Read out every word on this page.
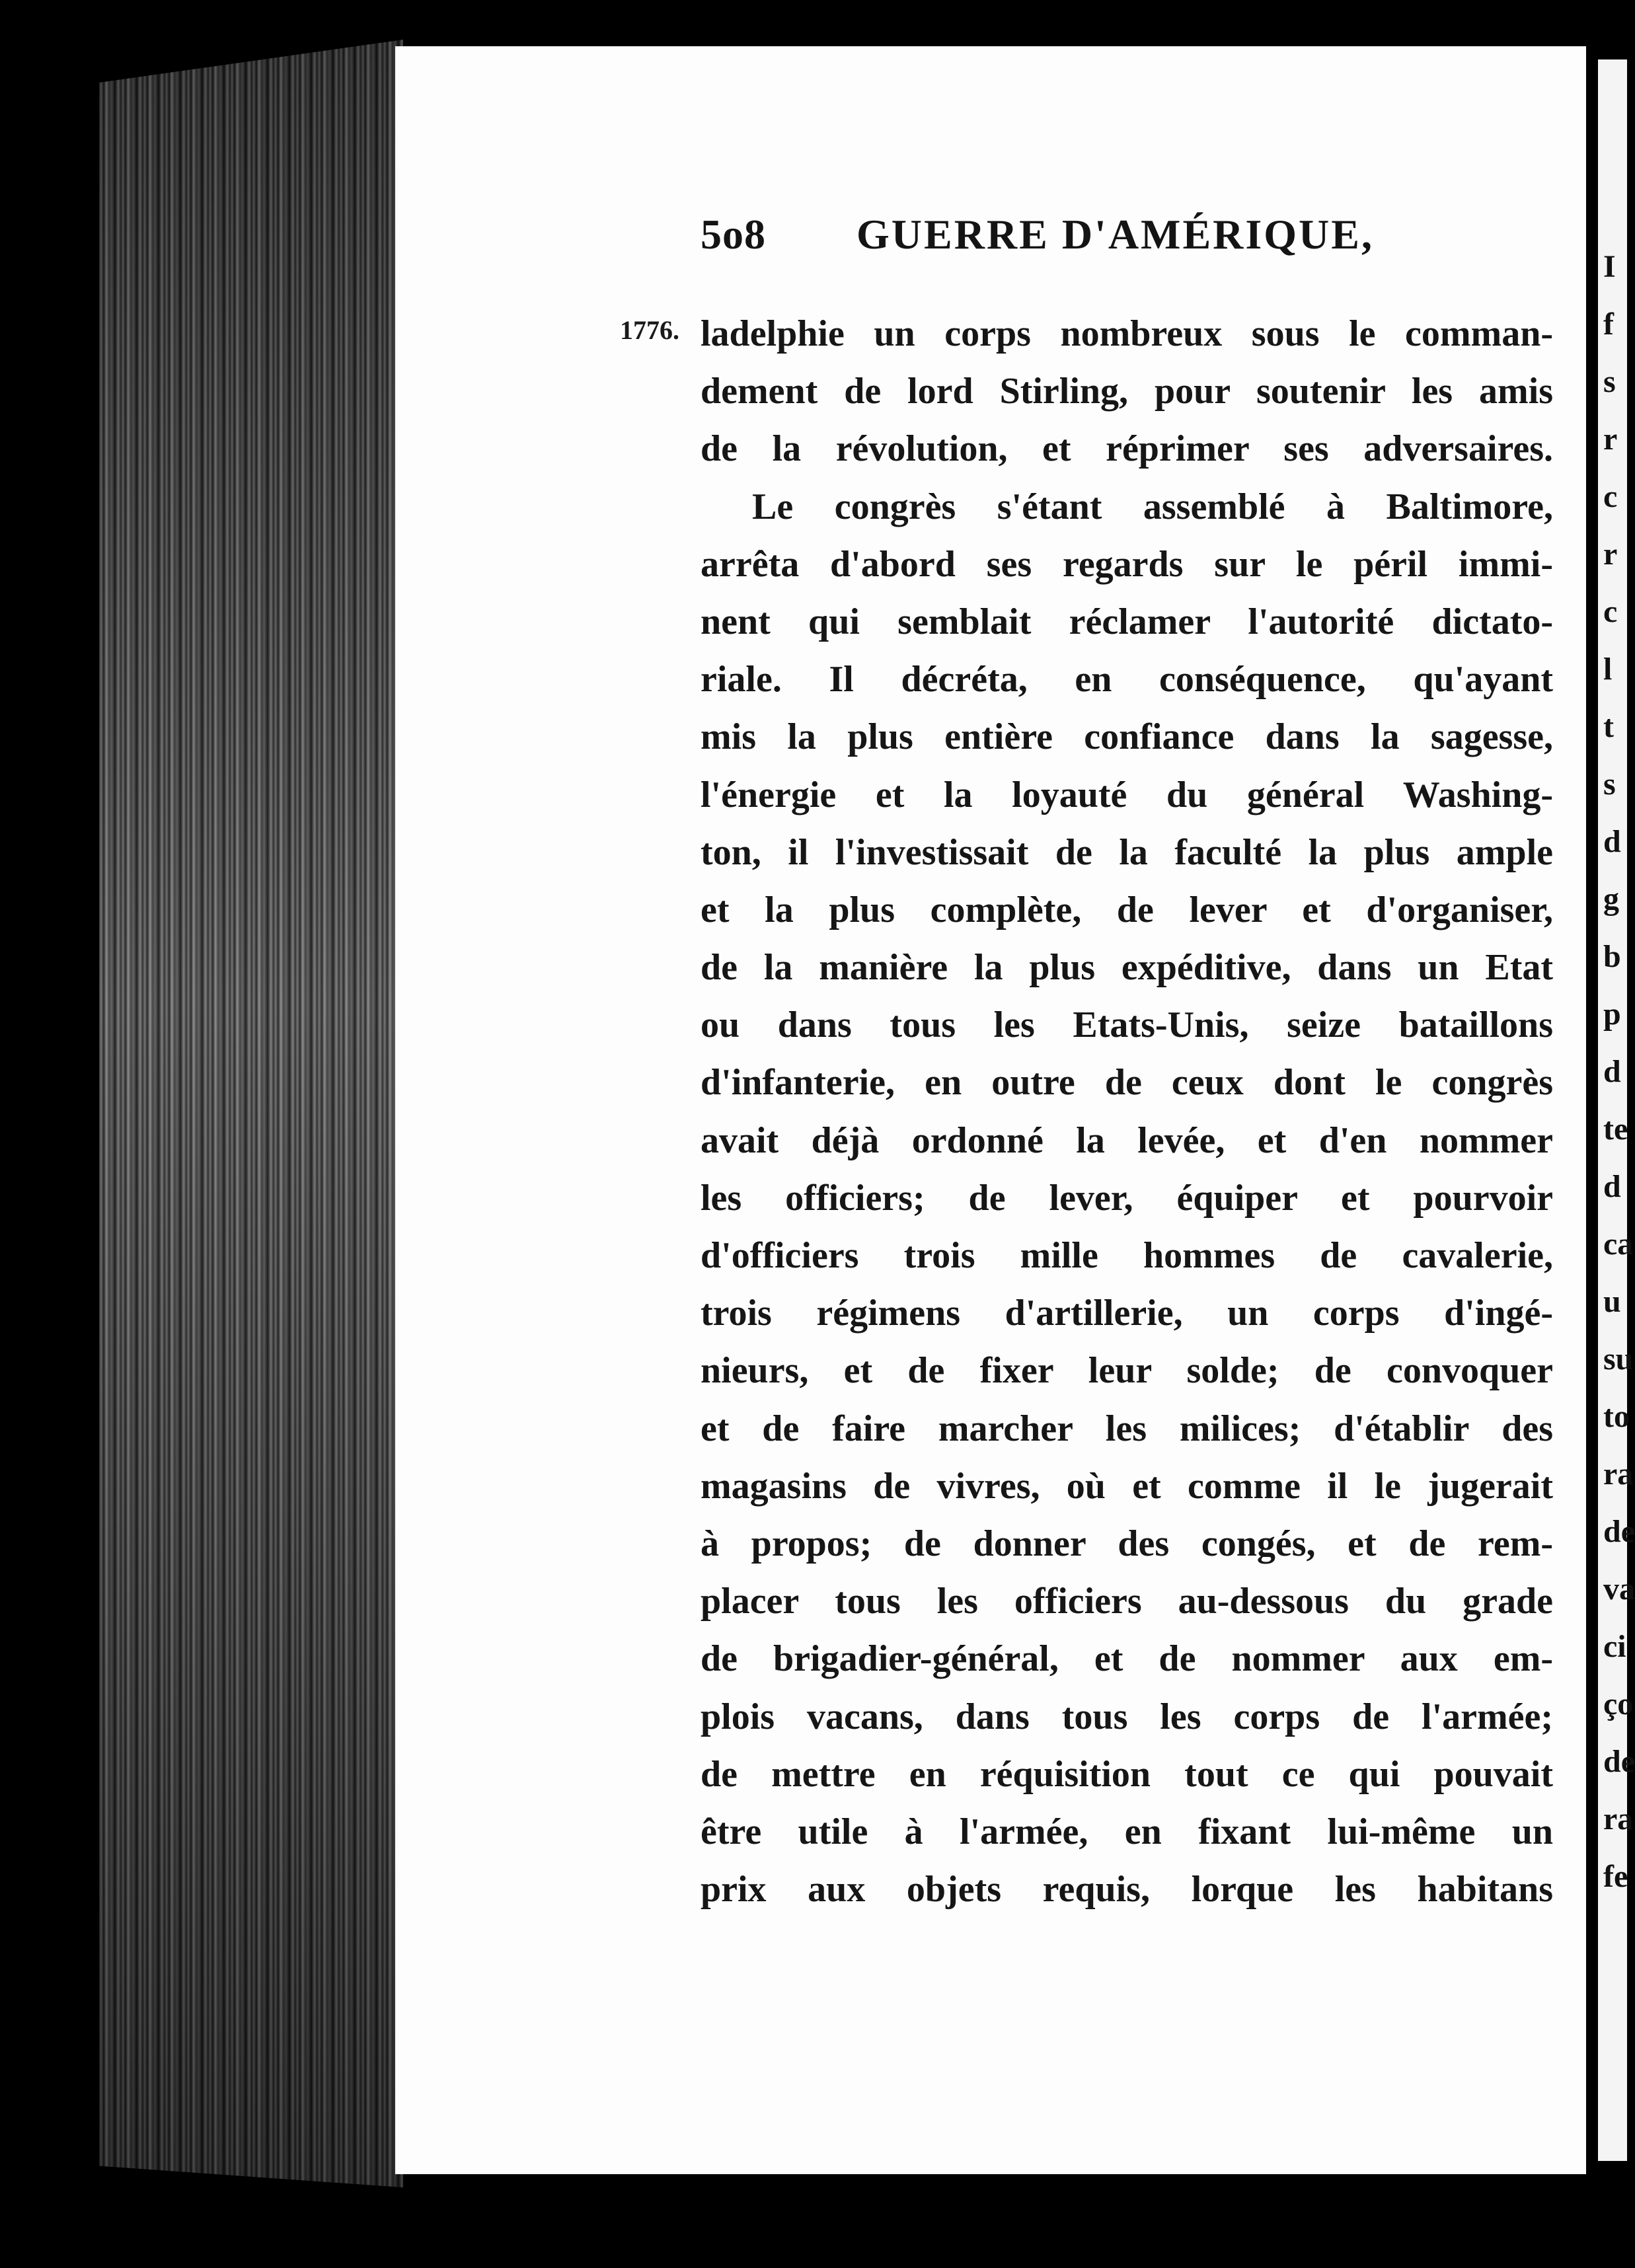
I
f
s
r
c
r
c
l
t
s
d
g
b
p
d
te
d
ca
u
su
to
ra
de
va
ci
ço
de
ra
fe
5o8 GUERRE D'AMÉRIQUE,
1776. ladelphie un corps nombreux sous le comman-
dement de lord Stirling, pour soutenir les amis
de la révolution, et réprimer ses adversaires.
Le congrès s'étant assemblé à Baltimore,
arrêta d'abord ses regards sur le péril immi-
nent qui semblait réclamer l'autorité dictato-
riale. Il décréta, en conséquence, qu'ayant
mis la plus entière confiance dans la sagesse,
l'énergie et la loyauté du général Washing-
ton, il l'investissait de la faculté la plus ample
et la plus complète, de lever et d'organiser,
de la manière la plus expéditive, dans un Etat
ou dans tous les Etats-Unis, seize bataillons
d'infanterie, en outre de ceux dont le congrès
avait déjà ordonné la levée, et d'en nommer
les officiers; de lever, équiper et pourvoir
d'officiers trois mille hommes de cavalerie,
trois régimens d'artillerie, un corps d'ingé-
nieurs, et de fixer leur solde; de convoquer
et de faire marcher les milices; d'établir des
magasins de vivres, où et comme il le jugerait
à propos; de donner des congés, et de rem-
placer tous les officiers au-dessous du grade
de brigadier-général, et de nommer aux em-
plois vacans, dans tous les corps de l'armée;
de mettre en réquisition tout ce qui pouvait
être utile à l'armée, en fixant lui-même un
prix aux objets requis, lorque les habitans
